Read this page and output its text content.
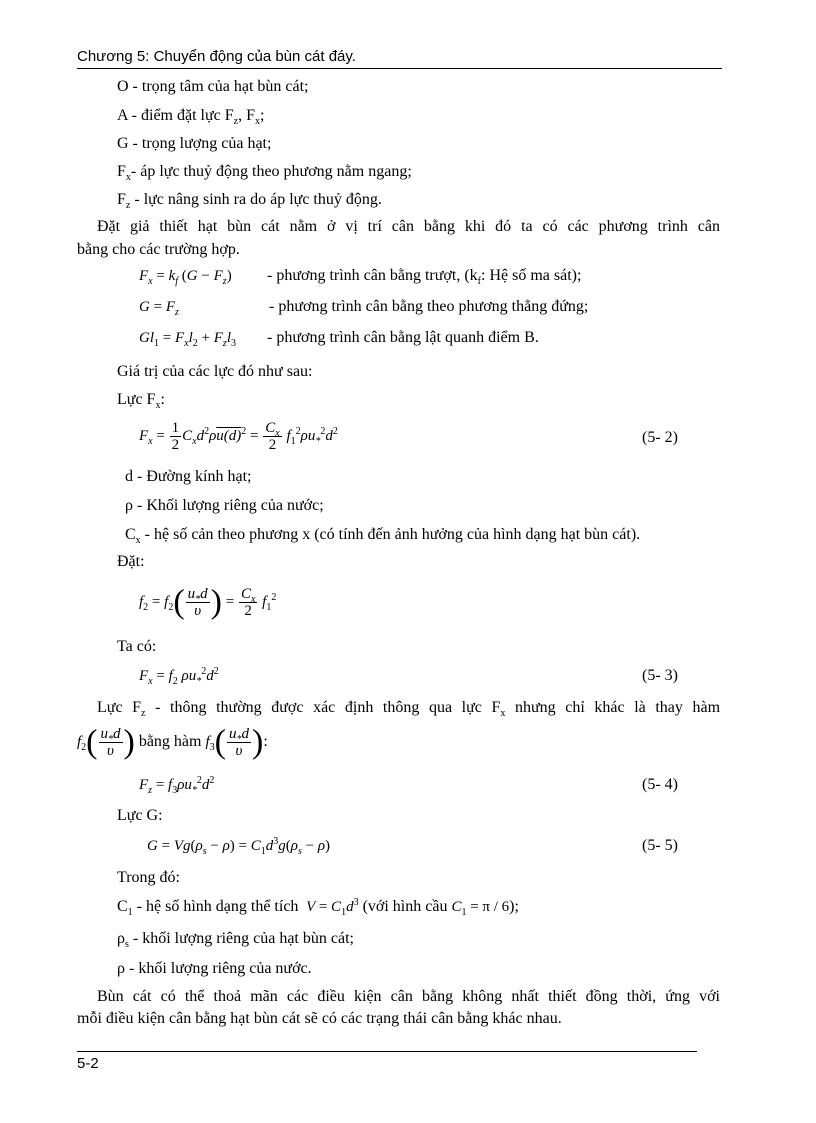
Chương 5: Chuyển động của bùn cát đáy.
O - trọng tâm của hạt bùn cát;
A - điểm đặt lực $F_z$, $F_x$;
G - trọng lượng của hạt;
$F_x-$ áp lực thuỷ động theo phương nằm ngang;
$F_z$ - lực nâng sinh ra do áp lực thuỷ động.
Đặt giả thiết hạt bùn cát nằm ở vị trí cân bằng khi đó ta có các phương trình cân
bằng cho các trường hợp.
$F_x = k_f$ $(G - F_z)$ - phương trình cân bằng trượt, ($k_f$: Hệ số ma sát);
$G = F_z$	- phương trình cân bằng theo phương thẳng đứng;
$Gl_1 = F_xl_2 + F_zl_3$ - phương trình cân bằng lật quanh điểm B.
Giá trị của các lực đó như sau:
Lực $F_x$:
$F_x = \frac{1}{2} C_xd^2\rho u(d)^2 = \frac{C_x}{2} f_1^2\rho u_*^2d^2$	(5- 2)
d - Đường kính hạt;
ρ - Khối lượng riêng của nước;
$C_x$ - hệ số cản theo phương x (có tính đến ảnh hưởng của hình dạng hạt bùn cát).
Đặt:
$f_2 = f_2( \frac{u_*d}{\upsilon}$ ) = $\frac{C_x}{2} f_1^2$
Ta có:
$F_x = f_2$ $\rho u_*^2d^2$	(5- 3)
Lực $F_z$ - thông thường được xác định thông qua lực $F_x$ nhưng chỉ khác là thay hàm
$f_2( \frac{u_*d}{\upsilon}$ ) bằng hàm $f_3( \frac{u_*d}{\upsilon}$ ):
$F_z = f_3\rho u_*^2d^2$	(5- 4)
Lực G:
$G = Vg(\rho_s - \rho) = C_1d^3g(\rho_s - \rho)$	(5- 5)
Trong đó:
$C_1$ - hệ số hình dạng thể tích  $V = C_1d^3$ (với hình cầu $C_1 = \pi / 6$);
$\rho_s$ - khối lượng riêng của hạt bùn cát;
ρ - khối lượng riêng của nước.
Bùn cát có thể thoả mãn các điều kiện cân bằng không nhất thiết đồng thời, ứng với
mỗi điều kiện cân bằng hạt bùn cát sẽ có các trạng thái cân bằng khác nhau.
5-2
